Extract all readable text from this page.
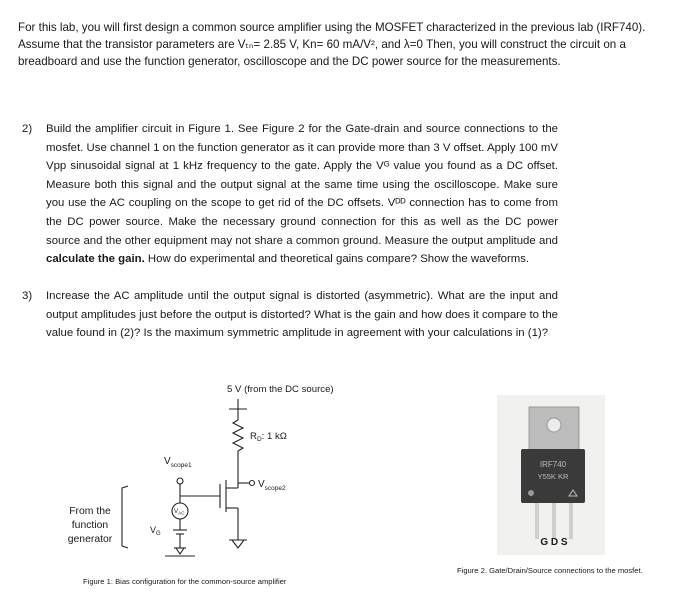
For this lab, you will first design a common source amplifier using the MOSFET characterized in the previous lab (IRF740). Assume that the transistor parameters are Vₜₙ= 2.85 V, Kn= 60 mA/V², and λ=0 Then, you will construct the circuit on a breadboard and use the function generator, oscilloscope and the DC power source for the measurements.

2) Build the amplifier circuit in Figure 1. See Figure 2 for the Gate-drain and source connections to the mosfet. Use channel 1 on the function generator as it can provide more than 3 V offset. Apply 100 mV Vpp sinusoidal signal at 1 kHz frequency to the gate. Apply the Vᴳ value you found as a DC offset. Measure both this signal and the output signal at the same time using the oscilloscope. Make sure you use the AC coupling on the scope to get rid of the DC offsets. Vᴰᴰ connection has to come from the DC power source. Make the necessary ground connection for this as well as the DC power source and the other equipment may not share a common ground. Measure the output amplitude and calculate the gain. How do experimental and theoretical gains compare? Show the waveforms.
3) Increase the AC amplitude until the output signal is distorted (asymmetric). What are the input and output amplitudes just before the output is distorted? What is the gain and how does it compare to the value found in (2)? Is the maximum symmetric amplitude in agreement with your calculations in (1)?
5 V (from the DC source)
$R_D$: 1 kΩ
$V_{scope1}$
$V_{scope2}$
$V_{AC}$
$V_G$
From the
function
generator
IRF740
Y55K KR
G D S
Figure 1: Bias configuration for the common-source amplifier
Figure 2. Gate/Drain/Source connections to the mosfet.
